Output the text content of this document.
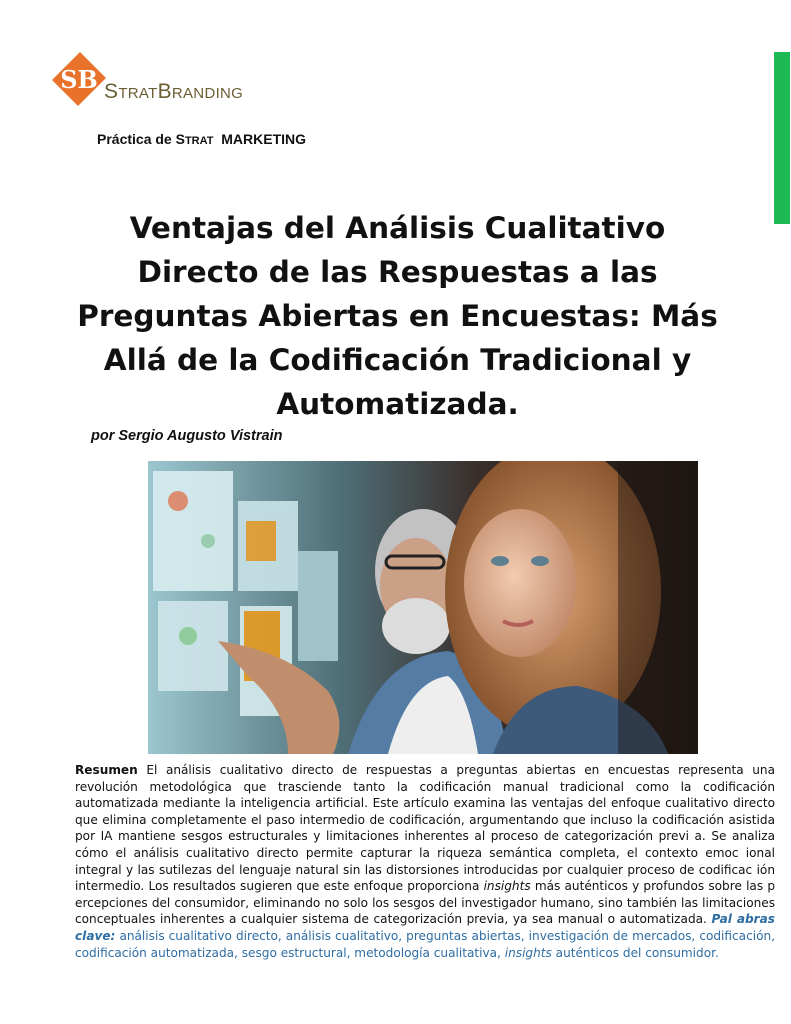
SB STRATBRANDING
Práctica de STRAT  MARKETING
Ventajas del Análisis Cualitativo
Directo de las Respuestas a las
Preguntas Abiertas en Encuestas: Más
Allá de la Codificación Tradicional y
Automatizada.
por Sergio Augusto Vistrain
Resumen El análisis cualitativo directo de respuestas a preguntas abiertas en encuestas representa una revolución metodológica que trasciende tanto la codificación manual tradicional como la codificación automatizada mediante la inteligencia artificial. Este artículo examina las ventajas del enfoque cualitativo directo que elimina completamente el paso intermedio de codificación, argumentando que incluso la codificación asistida por IA mantiene sesgos estructurales y limitaciones inherentes al proceso de categorización previ a. Se analiza cómo el análisis cualitativo directo permite capturar la riqueza semántica completa, el contexto emoc ional integral y las sutilezas del lenguaje natural sin las distorsiones introducidas por cualquier proceso de codificac ión intermedio. Los resultados sugieren que este enfoque proporciona insights más auténticos y profundos sobre las p ercepciones del consumidor, eliminando no solo los sesgos del investigador humano, sino también las limitaciones conceptuales inherentes a cualquier sistema de categorización previa, ya sea manual o automatizada. Pal abras clave: análisis cualitativo directo, análisis cualitativo, preguntas abiertas, investigación de mercados, codificación, codificación automatizada, sesgo estructural, metodología cualitativa, insights auténticos del consumidor.
